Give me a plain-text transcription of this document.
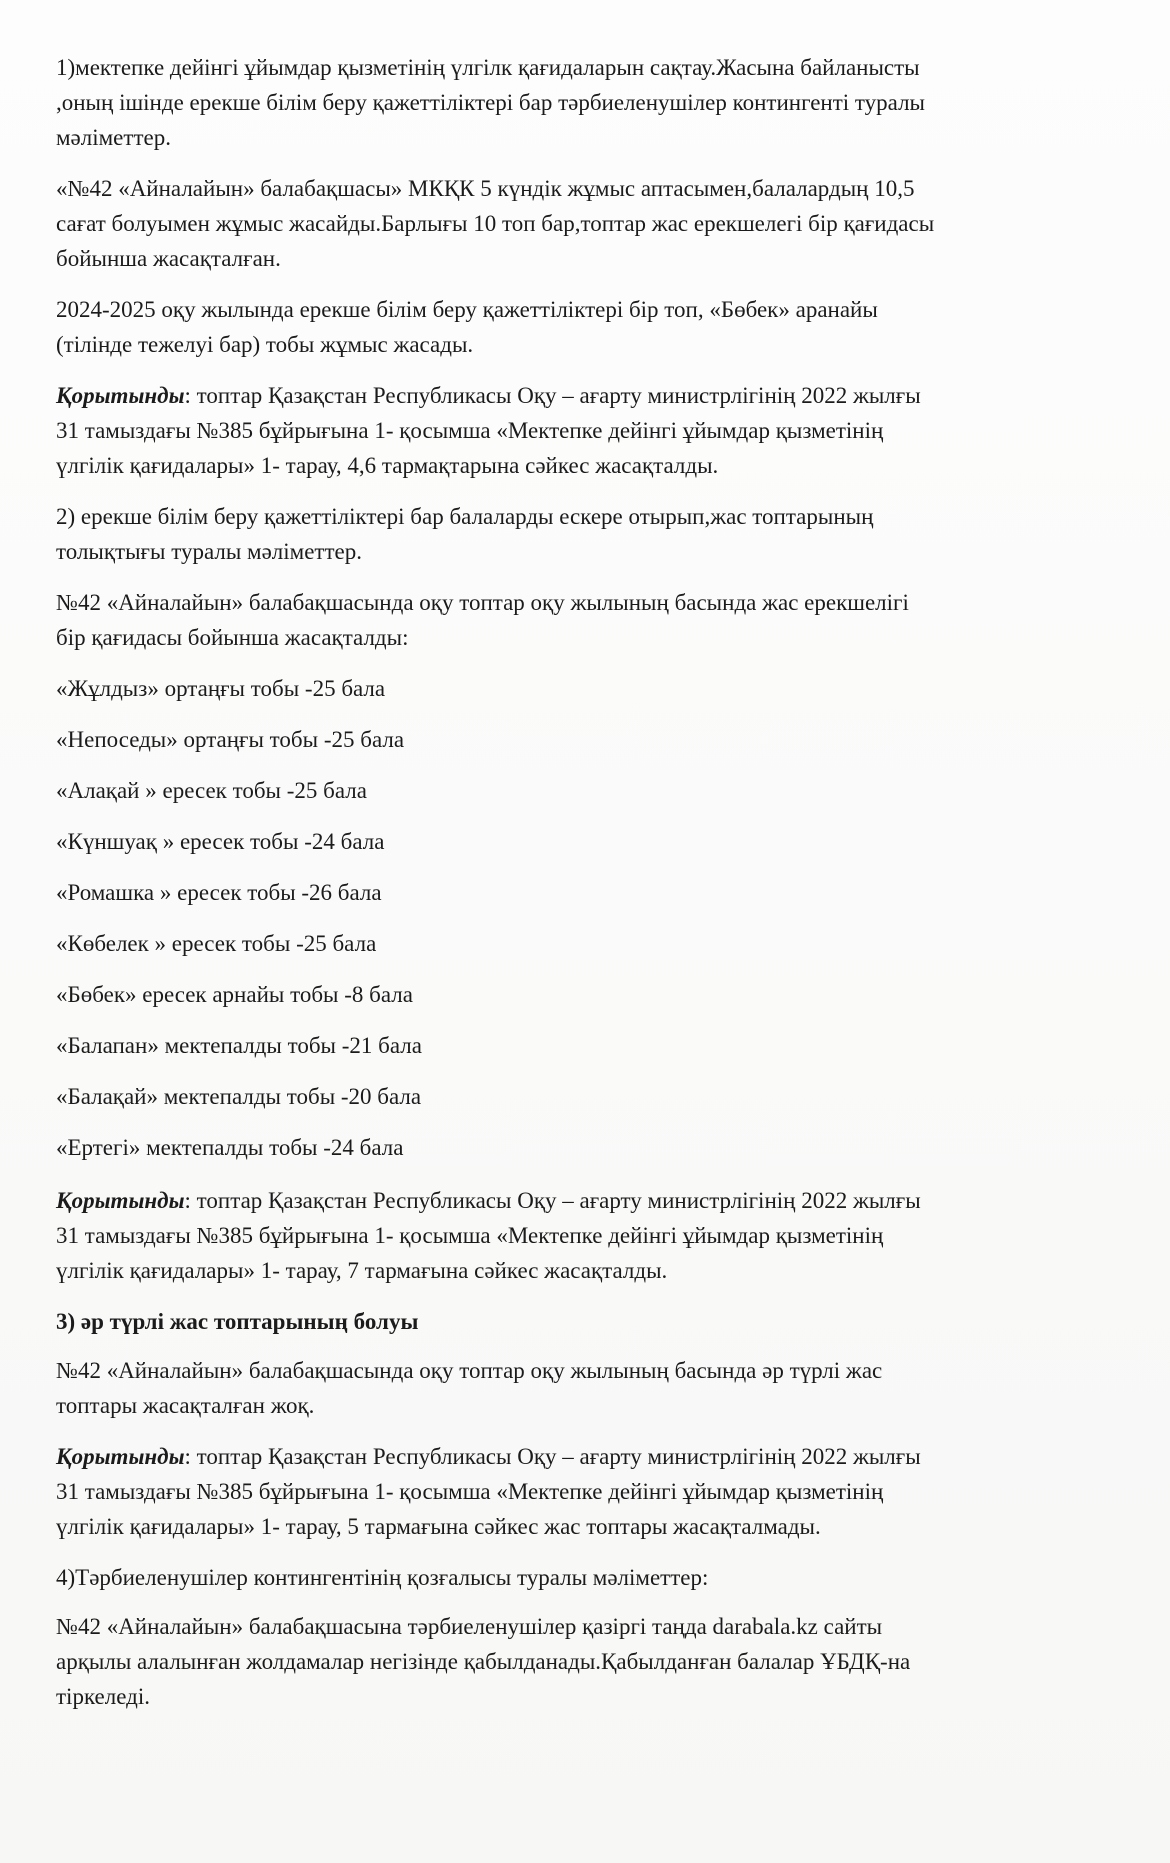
1)мектепке дейінгі ұйымдар қызметінің үлгілк қағидаларын сақтау.Жасына байланысты
,оның ішінде ерекше білім беру қажеттіліктері бар тәрбиеленушілер контингенті туралы
мәліметтер.
«№42 «Айналайын» балабақшасы» МКҚК 5 күндік жұмыс аптасымен,балалардың 10,5
сағат болуымен жұмыс жасайды.Барлығы 10 топ бар,топтар жас ерекшелегі бір қағидасы
бойынша жасақталған.
2024-2025 оқу жылында ерекше білім беру қажеттіліктері бір топ, «Бөбек» аранайы
(тілінде тежелуі бар) тобы жұмыс жасады.
Қорытынды: топтар Қазақстан Республикасы Оқу – ағарту министрлігінің 2022 жылғы
31 тамыздағы №385 бұйрығына 1- қосымша «Мектепке дейінгі ұйымдар қызметінің
үлгілік қағидалары» 1- тарау, 4,6 тармақтарына сәйкес жасақталды.
2) ерекше білім беру қажеттіліктері бар балаларды ескере отырып,жас топтарының
толықтығы туралы мәліметтер.
№42 «Айналайын» балабақшасында оқу топтар оқу жылының басында жас ерекшелігі
бір қағидасы бойынша жасақталды:
«Жұлдыз» ортаңғы тобы -25 бала
«Непоседы» ортаңғы тобы -25 бала
«Алақай » ересек тобы -25 бала
«Күншуақ » ересек тобы -24 бала
«Ромашка » ересек тобы -26 бала
«Көбелек » ересек тобы -25 бала
«Бөбек» ересек арнайы тобы -8 бала
«Балапан» мектепалды тобы -21 бала
«Балақай» мектепалды тобы -20 бала
«Ертегі» мектепалды тобы -24 бала
Қорытынды: топтар Қазақстан Республикасы Оқу – ағарту министрлігінің 2022 жылғы
31 тамыздағы №385 бұйрығына 1- қосымша «Мектепке дейінгі ұйымдар қызметінің
үлгілік қағидалары» 1- тарау, 7 тармағына сәйкес жасақталды.
3) әр түрлі жас топтарының болуы
№42 «Айналайын» балабақшасында оқу топтар оқу жылының басында әр түрлі жас
топтары жасақталған жоқ.
Қорытынды: топтар Қазақстан Республикасы Оқу – ағарту министрлігінің 2022 жылғы
31 тамыздағы №385 бұйрығына 1- қосымша «Мектепке дейінгі ұйымдар қызметінің
үлгілік қағидалары» 1- тарау, 5 тармағына сәйкес жас топтары жасақталмады.
4)Тәрбиеленушілер контингентінің қозғалысы туралы мәліметтер:
№42 «Айналайын» балабақшасына тәрбиеленушілер қазіргі таңда darabala.kz сайты
арқылы алалынған жолдамалар негізінде қабылданады.Қабылданған балалар ҰБДҚ-на
тіркеледі.
